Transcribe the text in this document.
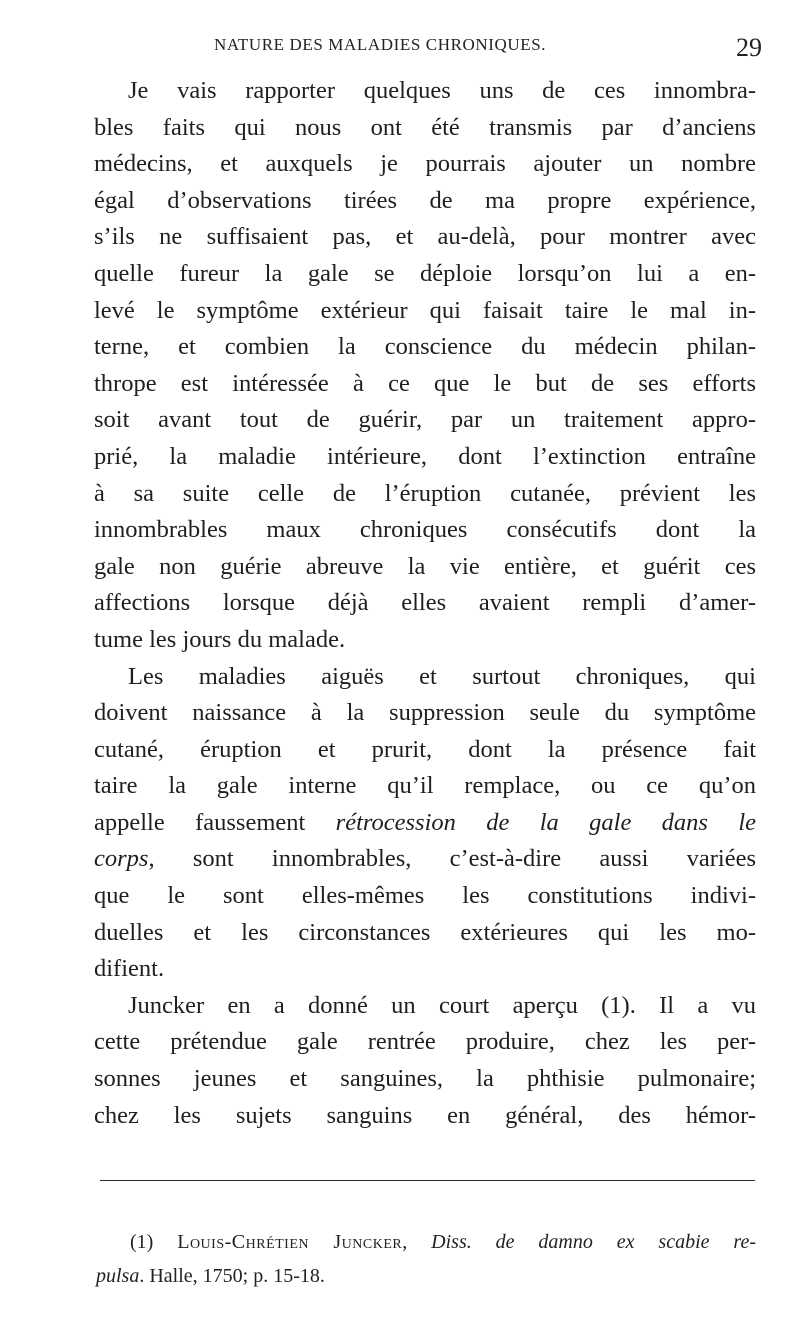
NATURE DES MALADIES CHRONIQUES.	29
Je vais rapporter quelques uns de ces innombra-
bles faits qui nous ont été transmis par d’anciens
médecins, et auxquels je pourrais ajouter un nombre
égal d’observations tirées de ma propre expérience,
s’ils ne suffisaient pas, et au-delà, pour montrer avec
quelle fureur la gale se déploie lorsqu’on lui a en-
levé le symptôme extérieur qui faisait taire le mal in-
terne, et combien la conscience du médecin philan-
thrope est intéressée à ce que le but de ses efforts
soit avant tout de guérir, par un traitement appro-
prié, la maladie intérieure, dont l’extinction entraîne
à sa suite celle de l’éruption cutanée, prévient les
innombrables maux chroniques consécutifs dont la
gale non guérie abreuve la vie entière, et guérit ces
affections lorsque déjà elles avaient rempli d’amer-
tume les jours du malade.
Les maladies aiguës et surtout chroniques, qui
doivent naissance à la suppression seule du symptôme
cutané, éruption et prurit, dont la présence fait
taire la gale interne qu’il remplace, ou ce qu’on
appelle faussement rétrocession de la gale dans le
corps, sont innombrables, c’est-à-dire aussi variées
que le sont elles-mêmes les constitutions indivi-
duelles et les circonstances extérieures qui les mo-
difient.
Juncker en a donné un court aperçu (1). Il a vu
cette prétendue gale rentrée produire, chez les per-
sonnes jeunes et sanguines, la phthisie pulmonaire;
chez les sujets sanguins en général, des hémor-
(1) Louis-Chrétien Juncker, Diss. de damno ex scabie re-
pulsa. Halle, 1750; p. 15-18.
